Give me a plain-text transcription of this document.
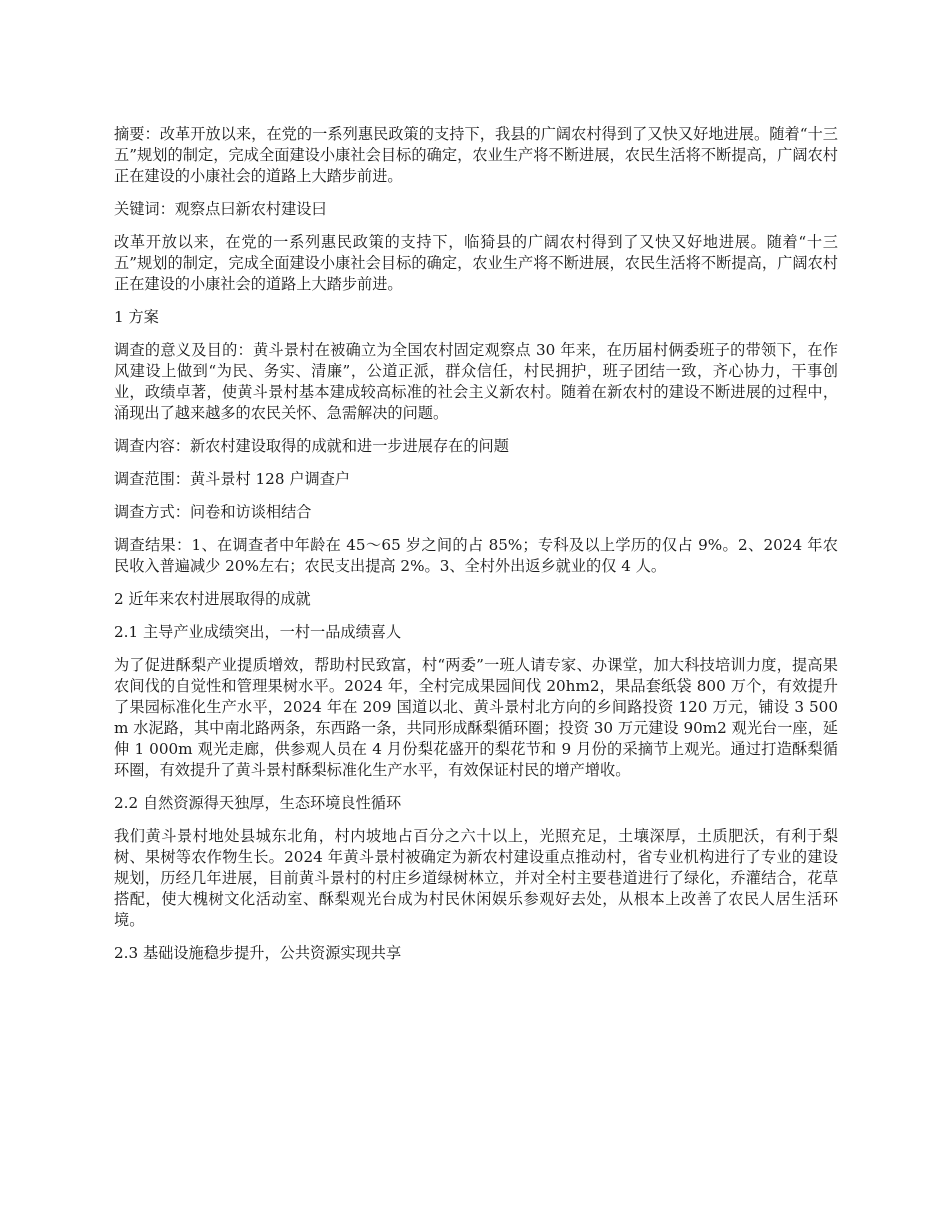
摘要：改革开放以来，在党的一系列惠民政策的支持下，我县的广阔农村得到了又快又好地进展。随着“十三五”规划的制定，完成全面建设小康社会目标的确定，农业生产将不断进展，农民生活将不断提高，广阔农村正在建设的小康社会的道路上大踏步前进。

关键词：观察点曰新农村建设曰

改革开放以来，在党的一系列惠民政策的支持下，临猗县的广阔农村得到了又快又好地进展。随着“十三五”规划的制定，完成全面建设小康社会目标的确定，农业生产将不断进展，农民生活将不断提高，广阔农村正在建设的小康社会的道路上大踏步前进。

1 方案

调查的意义及目的：黄斗景村在被确立为全国农村固定观察点 30 年来，在历届村俩委班子的带领下，在作风建设上做到“为民、务实、清廉”，公道正派，群众信任，村民拥护，班子团结一致，齐心协力，干事创业，政绩卓著，使黄斗景村基本建成较高标准的社会主义新农村。随着在新农村的建设不断进展的过程中，涌现出了越来越多的农民关怀、急需解决的问题。

调查内容：新农村建设取得的成就和进一步进展存在的问题

调查范围：黄斗景村 128 户调查户

调查方式：问卷和访谈相结合

调查结果：1、在调查者中年龄在 45～65 岁之间的占 85%；专科及以上学历的仅占 9%。2、2024 年农民收入普遍减少 20%左右；农民支出提高 2%。3、全村外出返乡就业的仅 4 人。

2 近年来农村进展取得的成就

2.1 主导产业成绩突出，一村一品成绩喜人

为了促进酥梨产业提质增效，帮助村民致富，村“两委”一班人请专家、办课堂，加大科技培训力度，提高果农间伐的自觉性和管理果树水平。2024 年，全村完成果园间伐 20hm2，果品套纸袋 800 万个，有效提升了果园标准化生产水平，2024 年在 209 国道以北、黄斗景村北方向的乡间路投资 120 万元，铺设 3 500m 水泥路，其中南北路两条，东西路一条，共同形成酥梨循环圈；投资 30 万元建设 90m2 观光台一座，延伸 1 000m 观光走廊，供参观人员在 4 月份梨花盛开的梨花节和 9 月份的采摘节上观光。通过打造酥梨循环圈，有效提升了黄斗景村酥梨标准化生产水平，有效保证村民的增产增收。

2.2 自然资源得天独厚，生态环境良性循环

我们黄斗景村地处县城东北角，村内坡地占百分之六十以上，光照充足，土壤深厚，土质肥沃，有利于梨树、果树等农作物生长。2024 年黄斗景村被确定为新农村建设重点推动村，省专业机构进行了专业的建设规划，历经几年进展，目前黄斗景村的村庄乡道绿树林立，并对全村主要巷道进行了绿化，乔灌结合，花草搭配，使大槐树文化活动室、酥梨观光台成为村民休闲娱乐参观好去处，从根本上改善了农民人居生活环境。

2.3 基础设施稳步提升，公共资源实现共享
